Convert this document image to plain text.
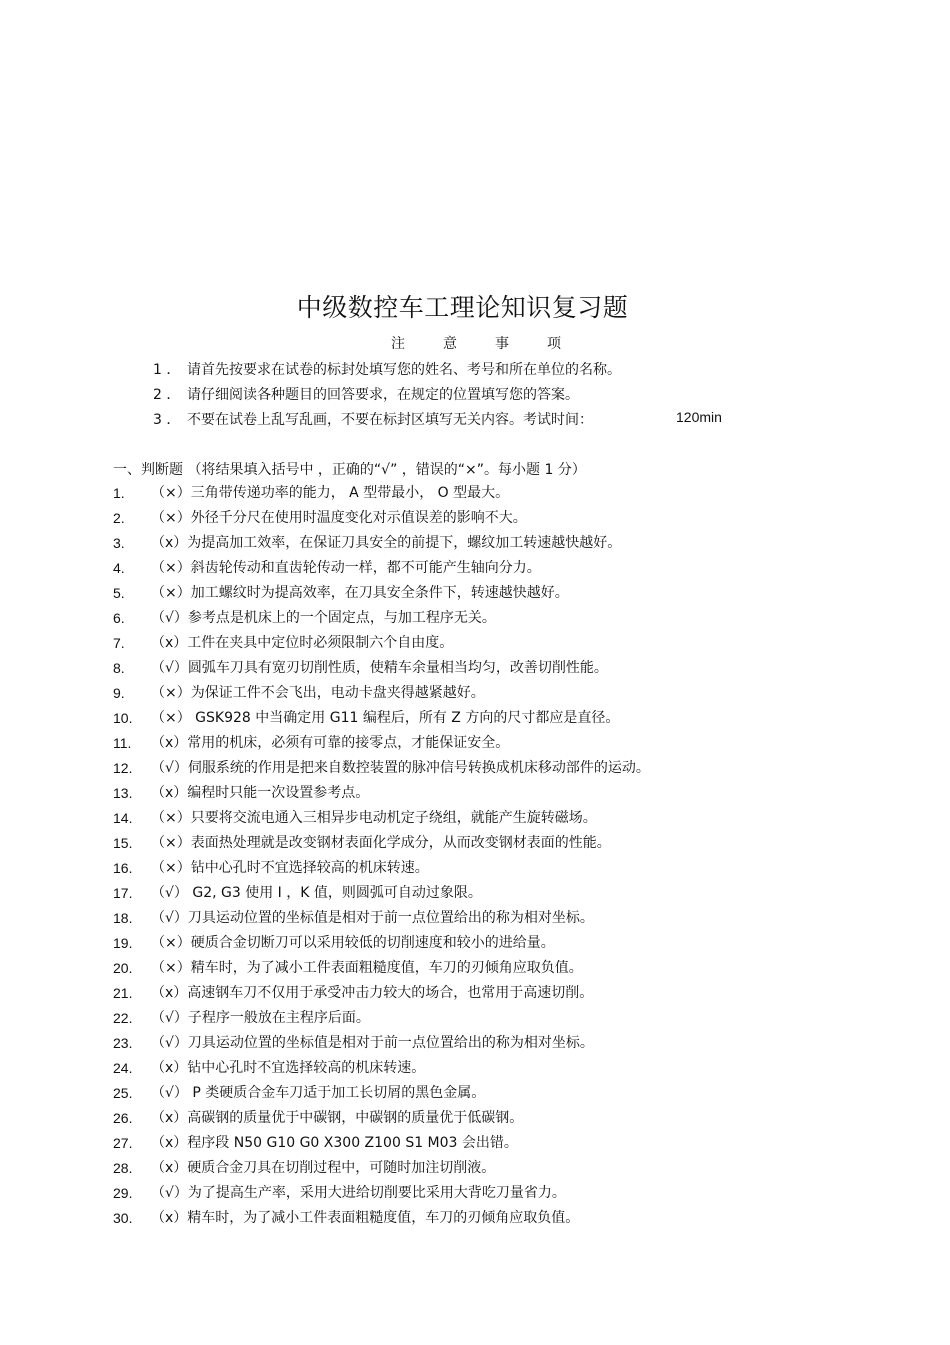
中级数控车工理论知识复习题
注	意	事	项
1 ． 请首先按要求在试卷的标封处填写您的姓名、考号和所在单位的名称。
2 ． 请仔细阅读各种题目的回答要求，在规定的位置填写您的答案。
3 ． 不要在试卷上乱写乱画，不要在标封区填写无关内容。考试时间：	120min
一、判断题 （将结果填入括号中 ，正确的“√” ，错误的“×”。每小题 1 分）
1.	（×）三角带传递功率的能力， A 型带最小， O 型最大。
2.	（×）外径千分尺在使用时温度变化对示值误差的影响不大。
3.	（x）为提高加工效率，在保证刀具安全的前提下，螺纹加工转速越快越好。
4.	（×）斜齿轮传动和直齿轮传动一样，都不可能产生轴向分力。
5.	（×）加工螺纹时为提高效率，在刀具安全条件下，转速越快越好。
6.	（√）参考点是机床上的一个固定点，与加工程序无关。
7.	（x）工件在夹具中定位时必须限制六个自由度。
8.	（√）圆弧车刀具有宽刃切削性质，使精车余量相当均匀，改善切削性能。
9.	（×）为保证工件不会飞出，电动卡盘夹得越紧越好。
10.	（×） GSK928 中当确定用 G11 编程后，所有 Z 方向的尺寸都应是直径。
11.	（x）常用的机床，必须有可靠的接零点，才能保证安全。
12.	（√）伺服系统的作用是把来自数控装置的脉冲信号转换成机床移动部件的运动。
13.	（x）编程时只能一次设置参考点。
14.	（×）只要将交流电通入三相异步电动机定子绕组，就能产生旋转磁场。
15.	（×）表面热处理就是改变钢材表面化学成分，从而改变钢材表面的性能。
16.	（×）钻中心孔时不宜选择较高的机床转速。
17.	（√） G2, G3 使用 I ，K 值，则圆弧可自动过象限。
18.	（√）刀具运动位置的坐标值是相对于前一点位置给出的称为相对坐标。
19.	（×）硬质合金切断刀可以采用较低的切削速度和较小的进给量。
20.	（×）精车时，为了减小工件表面粗糙度值，车刀的刃倾角应取负值。
21.	（x）高速钢车刀不仅用于承受冲击力较大的场合，也常用于高速切削。
22.	（√）子程序一般放在主程序后面。
23.	（√）刀具运动位置的坐标值是相对于前一点位置给出的称为相对坐标。
24.	（x）钻中心孔时不宜选择较高的机床转速。
25.	（√） P 类硬质合金车刀适于加工长切屑的黑色金属。
26.	（x）高碳钢的质量优于中碳钢，中碳钢的质量优于低碳钢。
27.	（x）程序段 N50 G10 G0 X300 Z100 S1 M03 会出错。
28.	（x）硬质合金刀具在切削过程中，可随时加注切削液。
29.	（√）为了提高生产率，采用大进给切削要比采用大背吃刀量省力。
30.	（x）精车时，为了减小工件表面粗糙度值，车刀的刃倾角应取负值。
